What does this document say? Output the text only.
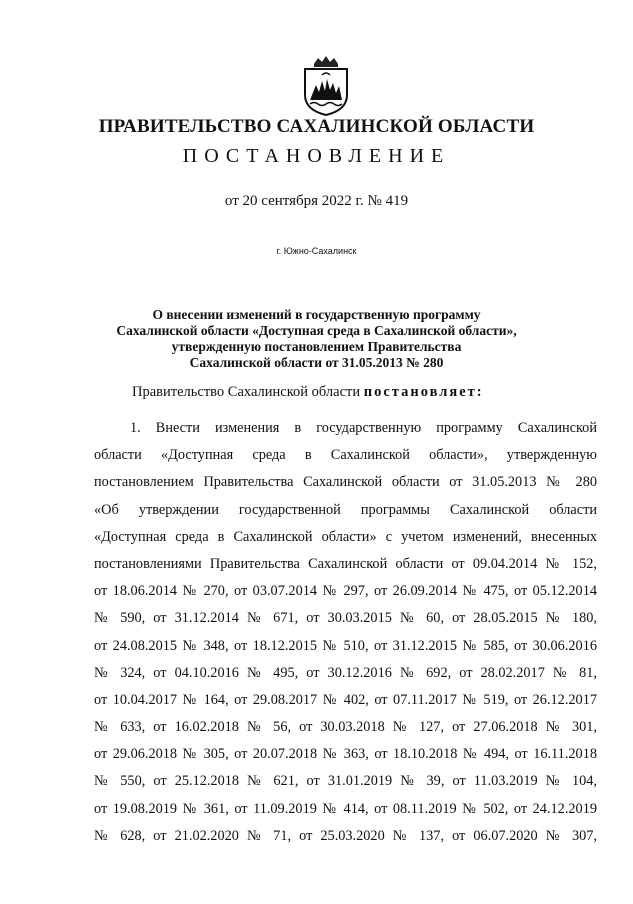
ПРАВИТЕЛЬСТВО САХАЛИНСКОЙ ОБЛАСТИ
ПОСТАНОВЛЕНИЕ
от 20 сентября 2022 г. № 419
г. Южно-Сахалинск
О внесении изменений в государственную программу
Сахалинской области «Доступная среда в Сахалинской области»,
утвержденную постановлением Правительства
Сахалинской области от 31.05.2013 № 280
Правительство Сахалинской области постановляет:
1. Внести изменения в государственную программу Сахалинской
области «Доступная среда в Сахалинской области», утвержденную
постановлением Правительства Сахалинской области от 31.05.2013 № 280
«Об утверждении государственной программы Сахалинской области
«Доступная среда в Сахалинской области» с учетом изменений, внесенных
постановлениями Правительства Сахалинской области от 09.04.2014 № 152,
от 18.06.2014 № 270, от 03.07.2014 № 297, от 26.09.2014 № 475, от 05.12.2014
№ 590, от 31.12.2014 № 671, от 30.03.2015 № 60, от 28.05.2015 № 180,
от 24.08.2015 № 348, от 18.12.2015 № 510, от 31.12.2015 № 585, от 30.06.2016
№ 324, от 04.10.2016 № 495, от 30.12.2016 № 692, от 28.02.2017 № 81,
от 10.04.2017 № 164, от 29.08.2017 № 402, от 07.11.2017 № 519, от 26.12.2017
№ 633, от 16.02.2018 № 56, от 30.03.2018 № 127, от 27.06.2018 № 301,
от 29.06.2018 № 305, от 20.07.2018 № 363, от 18.10.2018 № 494, от 16.11.2018
№ 550, от 25.12.2018 № 621, от 31.01.2019 № 39, от 11.03.2019 № 104,
от 19.08.2019 № 361, от 11.09.2019 № 414, от 08.11.2019 № 502, от 24.12.2019
№ 628, от 21.02.2020 № 71, от 25.03.2020 № 137, от 06.07.2020 № 307,
